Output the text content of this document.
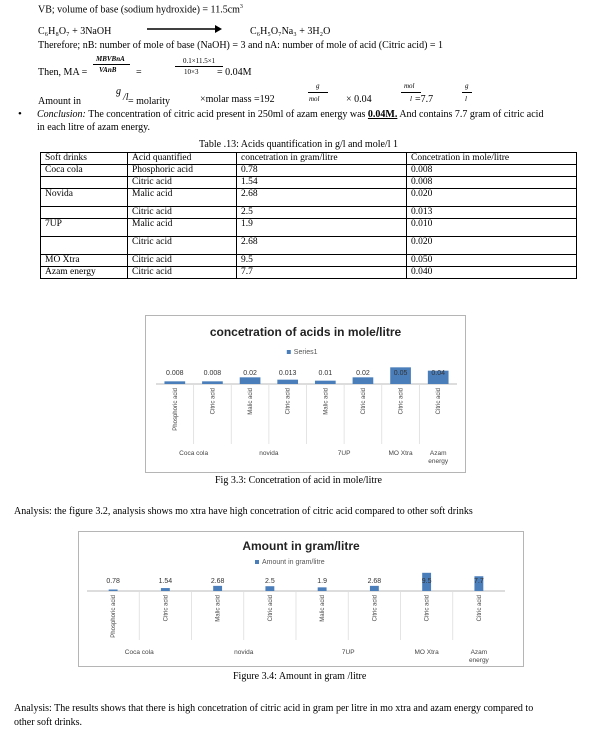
VB; volume of base (sodium hydroxide) = $11.5cm^3$
C₆H₈O₇ + 3NaOH	C₆H₅O₇Na₃ + 3H₂O
Therefore; nB: number of mole of base (NaOH) = 3 and nA: number of mole of acid (Citric acid) = 1
MBVBnA
Then, MA = VAnB =
0.1×11.5×1
10×3 = 0.04M
Amount in
g
/l = molarity	×molar mass =192
g
mol	× 0.04
mol
l =7.7
g
l
• Conclusion: The concentration of citric acid present in 250ml of azam energy was 0.04M. And contains 7.7 gram of citric acid
in each litre of azam energy.
Table .13: Acids quantification in g/l and mole/l 1
Soft drinks	Acid quantified	concetration in gram/litre	Concetration in mole/litre
Coca cola	Phosphoric acid	0.78	0.008
	Citric acid	1.54	0.008
Novida	Malic acid	2.68	0.020
	Citric acid	2.5	0.013
7UP	Malic acid	1.9	0.010
	Citric acid	2.68	0.020
MO Xtra	Citric acid	9.5	0.050
Azam energy	Citric acid	7.7	0.040
concetration of acids in mole/litre
Series1
0.008
Phosphoric acid
0.008
Citric acid
0.02
Malic acid
0.013
Citric acid
0.01
Malic acid
0.02
Citric acid
0.05
Citric acid
0.04
Citric acid
Coca cola	novida	7UP	MO Xtra	Azam
energy
Fig 3.3: Concetration of acid in mole/litre
Analysis: the figure 3.2, analysis shows mo xtra have high concetration of citric acid compared to other soft drinks
Amount in gram/litre
Amount in gram/litre
0.78
Phosphoric acid
1.54
Citric acid
2.68
Malic acid
2.5
Citric acid
1.9
Malic acid
2.68
Citric acid
9.5
Citric acid
7.7
Citric acid
Coca cola	novida	7UP	MO Xtra	Azam
energy
Figure 3.4: Amount in gram /litre
Analysis: The results shows that there is high concetration of citric acid in gram per litre in mo xtra and azam energy compared to
other soft drinks.
